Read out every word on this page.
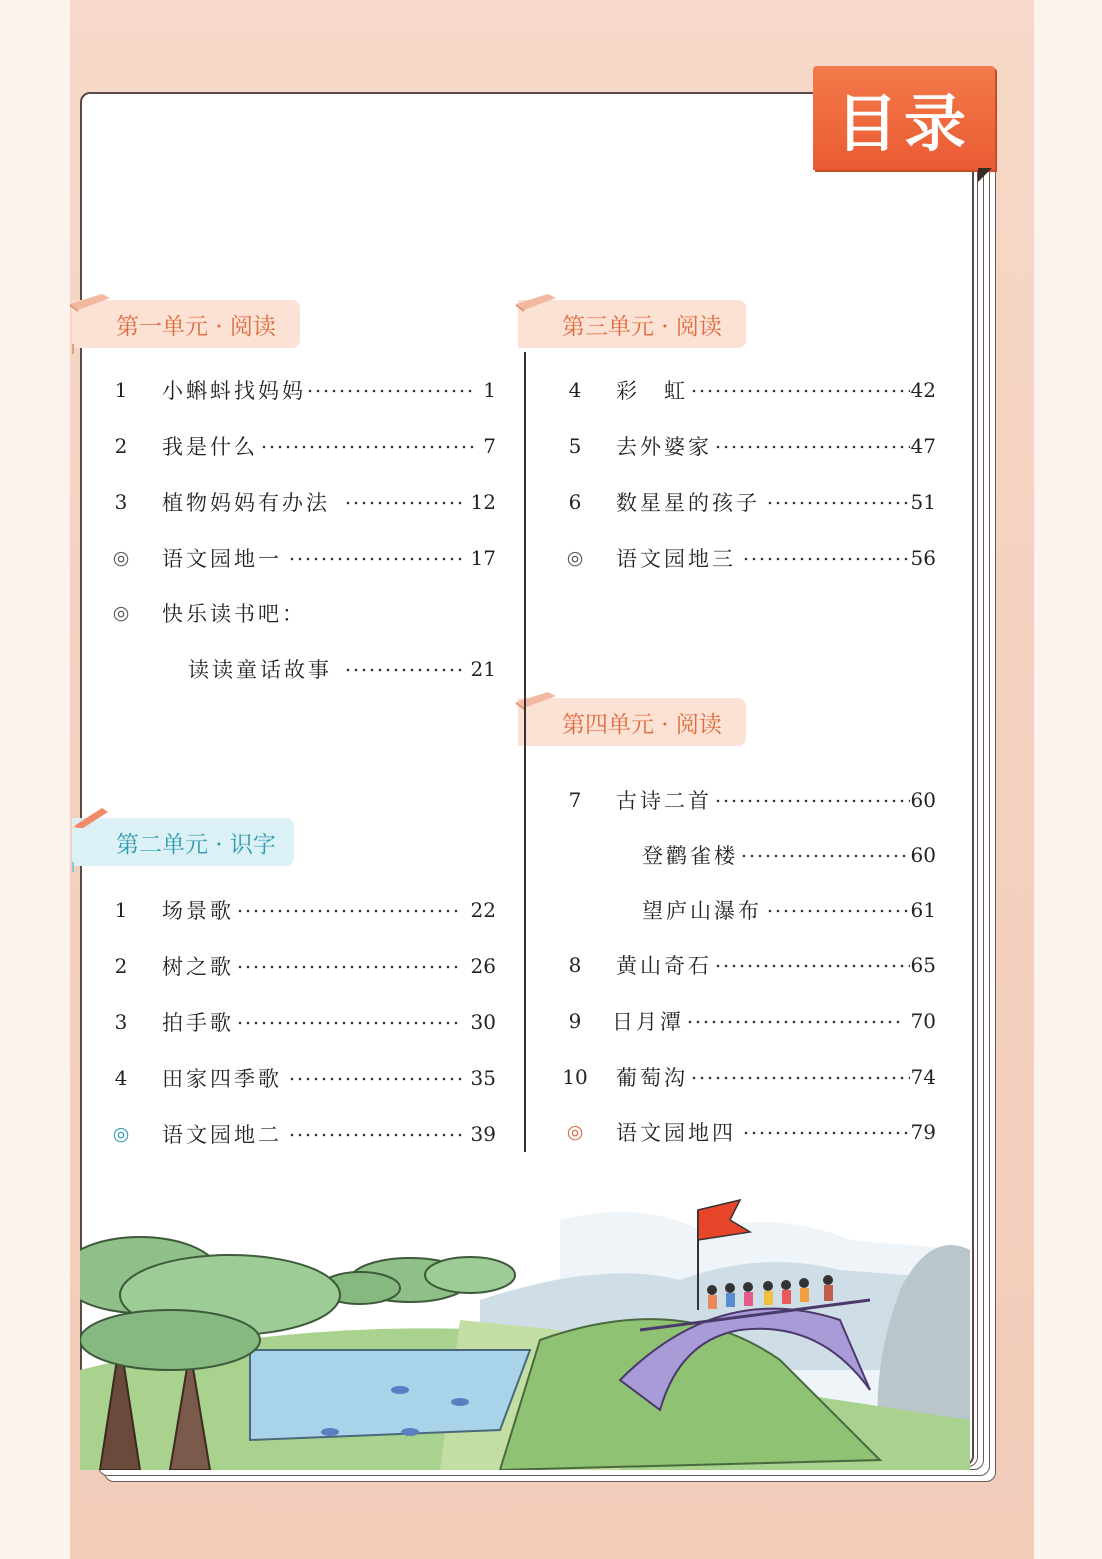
目录
第一单元 · 阅读
第二单元 · 识字
第三单元 · 阅读
第四单元 · 阅读
1	小蝌蚪找妈妈	1
2	我是什么	7
3	植物妈妈有办法	12
◎	语文园地一	17
◎	快乐读书吧：
读读童话故事	21
1	场景歌	22
2	树之歌	26
3	拍手歌	30
4	田家四季歌	35
◎	语文园地二	39
4	彩　虹	42
5	去外婆家	47
6	数星星的孩子	51
◎	语文园地三	56
7	古诗二首	60
登鹳雀楼	60
望庐山瀑布	61
8	黄山奇石	65
9	日月潭	70
10 葡萄沟	74
◎	语文园地四	79
